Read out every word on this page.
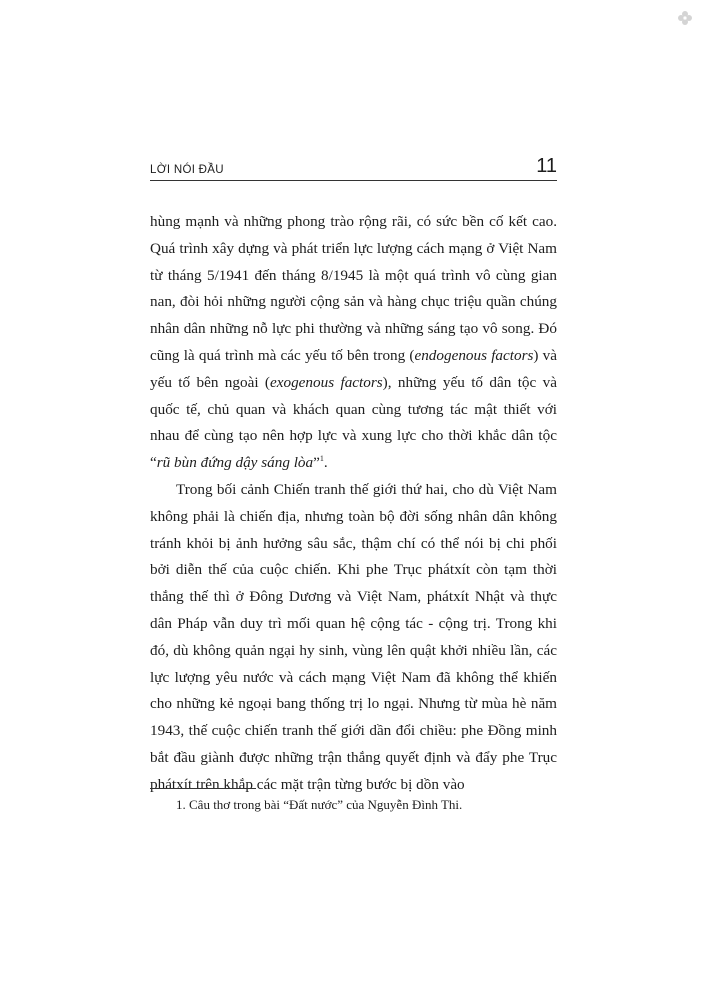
LỜI NÓI ĐẦU	11

hùng mạnh và những phong trào rộng rãi, có sức bền cố kết cao. Quá trình xây dựng và phát triển lực lượng cách mạng ở Việt Nam từ tháng 5/1941 đến tháng 8/1945 là một quá trình vô cùng gian nan, đòi hỏi những người cộng sản và hàng chục triệu quần chúng nhân dân những nỗ lực phi thường và những sáng tạo vô song. Đó cũng là quá trình mà các yếu tố bên trong (endogenous factors) và yếu tố bên ngoài (exogenous factors), những yếu tố dân tộc và quốc tế, chủ quan và khách quan cùng tương tác mật thiết với nhau để cùng tạo nên hợp lực và xung lực cho thời khắc dân tộc “rũ bùn đứng dậy sáng lòa”$^1$.

Trong bối cảnh Chiến tranh thế giới thứ hai, cho dù Việt Nam không phải là chiến địa, nhưng toàn bộ đời sống nhân dân không tránh khỏi bị ảnh hưởng sâu sắc, thậm chí có thể nói bị chi phối bởi diễn thế của cuộc chiến. Khi phe Trục phátxít còn tạm thời thắng thế thì ở Đông Dương và Việt Nam, phátxít Nhật và thực dân Pháp vẫn duy trì mối quan hệ cộng tác - cộng trị. Trong khi đó, dù không quản ngại hy sinh, vùng lên quật khởi nhiều lần, các lực lượng yêu nước và cách mạng Việt Nam đã không thể khiến cho những kẻ ngoại bang thống trị lo ngại. Nhưng từ mùa hè năm 1943, thế cuộc chiến tranh thế giới dần đổi chiều: phe Đồng minh bắt đầu giành được những trận thắng quyết định và đẩy phe Trục phátxít trên khắp các mặt trận từng bước bị dồn vào

1. Câu thơ trong bài “Đất nước” của Nguyễn Đình Thi.
